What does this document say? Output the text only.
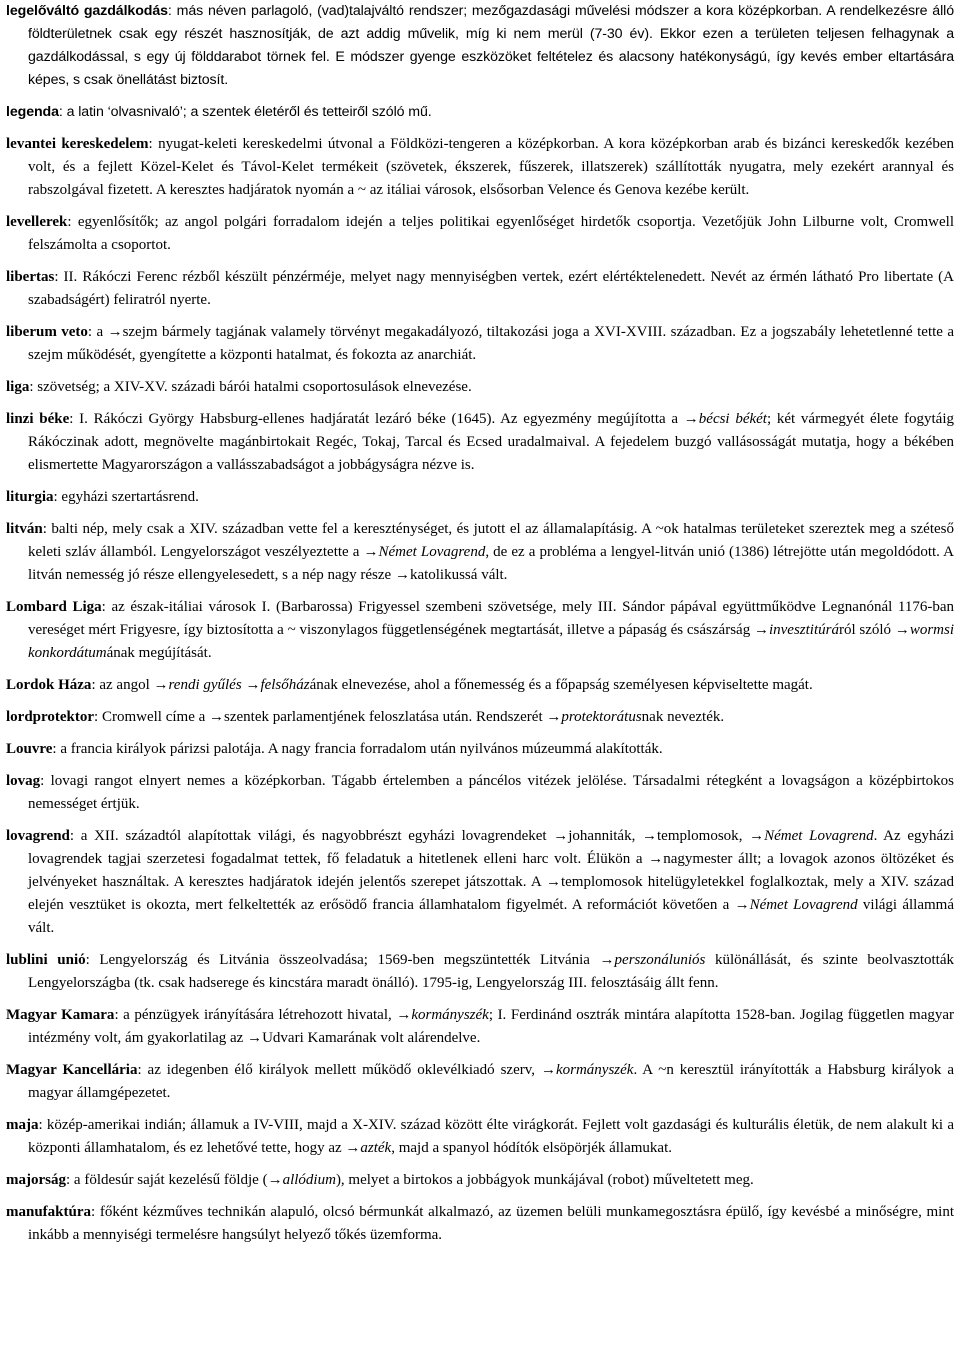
legelőváltó gazdálkodás: más néven parlagoló, (vad)talajváltó rendszer; mezőgazdasági művelési módszer a kora középkorban. A rendelkezésre álló földterületnek csak egy részét hasznosítják, de azt addig művelik, míg ki nem merül (7-30 év). Ekkor ezen a területen teljesen felhagynak a gazdálkodással, s egy új földdarabot törnek fel. E módszer gyenge eszközöket feltételez és alacsony hatékonyságú, így kevés ember eltartására képes, s csak önellátást biztosít.

legenda: a latin ‘olvasnivaló’; a szentek életéről és tetteiről szóló mű.

levantei kereskedelem: nyugat-keleti kereskedelmi útvonal a Földközi-tengeren a középkorban. A kora középkorban arab és bizánci kereskedők kezében volt, és a fejlett Közel-Kelet és Távol-Kelet termékeit (szövetek, ékszerek, fűszerek, illatszerek) szállították nyugatra, mely ezekért arannyal és rabszolgával fizetett. A keresztes hadjáratok nyomán a ~ az itáliai városok, elsősorban Velence és Genova kezébe került.

levellerek: egyenlősítők; az angol polgári forradalom idején a teljes politikai egyenlőséget hirdetők csoportja. Vezetőjük John Lilburne volt, Cromwell felszámolta a csoportot.

libertas: II. Rákóczi Ferenc rézből készült pénzérméje, melyet nagy mennyiségben vertek, ezért elértéktelenedett. Nevét az érmén látható Pro libertate (A szabadságért) feliratról nyerte.

liberum veto: a → szejm bármely tagjának valamely törvényt megakadályozó, tiltakozási joga a XVI-XVIII. században. Ez a jogszabály lehetetlenné tette a szejm működését, gyengítette a központi hatalmat, és fokozta az anarchiát.

liga: szövetség; a XIV-XV. századi bárói hatalmi csoportosulások elnevezése.

linzi béke: I. Rákóczi György Habsburg-ellenes hadjáratát lezáró béke (1645). Az egyezmény megújította a → bécsi békét; két vármegyét élete fogytáig Rákóczinak adott, megnövelte magánbirtokait Regéc, Tokaj, Tarcal és Ecsed uradalmaival. A fejedelem buzgó vallásosságát mutatja, hogy a békében elismertette Magyarországon a vallásszabadságot a jobbágyságra nézve is.

liturgia: egyházi szertartásrend.

litván: balti nép, mely csak a XIV. században vette fel a kereszténységet, és jutott el az államalapításig. A ~ok hatalmas területeket szereztek meg a széteső keleti szláv államból. Lengyelországot veszélyeztette a → Német Lovagrend, de ez a probléma a lengyel-litván unió (1386) létrejötte után megoldódott. A litván nemesség jó része ellengyelesedett, s a nép nagy része → katolikussá vált.

Lombard Liga: az észak-itáliai városok I. (Barbarossa) Frigyessel szembeni szövetsége, mely III. Sándor pápával együttműködve Legnanónál 1176-ban vereséget mért Frigyesre, így biztosította a ~ viszonylagos függetlenségének megtartását, illetve a pápaság és császárság → invesztitúráról szóló → wormsi konkordátumának megújítását.

Lordok Háza: az angol → rendi gyűlés → felsőházának elnevezése, ahol a főnemesség és a főpapság személyesen képviseltette magát.

lordprotektor: Cromwell címe a → szentek parlamentjének feloszlatása után. Rendszerét → protektorátusnak nevezték.

Louvre: a francia királyok párizsi palotája. A nagy francia forradalom után nyilvános múzeummá alakították.

lovag: lovagi rangot elnyert nemes a középkorban. Tágabb értelemben a páncélos vitézek jelölése. Társadalmi rétegként a lovagságon a középbirtokos nemességet értjük.

lovagrend: a XII. századtól alapítottak világi, és nagyobbrészt egyházi lovagrendeket → johanniták, → templomosok, → Német Lovagrend. Az egyházi lovagrendek tagjai szerzetesi fogadalmat tettek, fő feladatuk a hitetlenek elleni harc volt. Élükön a → nagymester állt; a lovagok azonos öltözéket és jelvényeket használtak. A keresztes hadjáratok idején jelentős szerepet játszottak. A → templomosok hitelügyletekkel foglalkoztak, mely a XIV. század elején vesztüket is okozta, mert felkeltették az erősödő francia államhatalom figyelmét. A reformációt követően a → Német Lovagrend világi állammá vált.

lublini unió: Lengyelország és Litvánia összeolvadása; 1569-ben megszüntették Litvánia → perszonáluniós különállását, és szinte beolvasztották Lengyelországba (tk. csak hadserege és kincstára maradt önálló). 1795-ig, Lengyelország III. felosztásáig állt fenn.

Magyar Kamara: a pénzügyek irányítására létrehozott hivatal, → kormányszék; I. Ferdinánd osztrák mintára alapította 1528-ban. Jogilag független magyar intézmény volt, ám gyakorlatilag az → Udvari Kamarának volt alárendelve.

Magyar Kancellária: az idegenben élő királyok mellett működő oklevélkiadó szerv, → kormányszék. A ~n keresztül irányították a Habsburg királyok a magyar államgépezetet.

maja: közép-amerikai indián; államuk a IV-VIII, majd a X-XIV. század között élte virágkorát. Fejlett volt gazdasági és kulturális életük, de nem alakult ki a központi államhatalom, és ez lehetővé tette, hogy az → azték, majd a spanyol hódítók elsöpörjék államukat.

majorság: a földesúr saját kezelésű földje ( → allódium), melyet a birtokos a jobbágyok munkájával (robot) műveltetett meg.

manufaktúra: főként kézműves technikán alapuló, olcsó bérmunkát alkalmazó, az üzemen belüli munkamegosztásra épülő, így kevésbé a minőségre, mint inkább a mennyiségi termelésre hangsúlyt helyező tőkés üzemforma.
